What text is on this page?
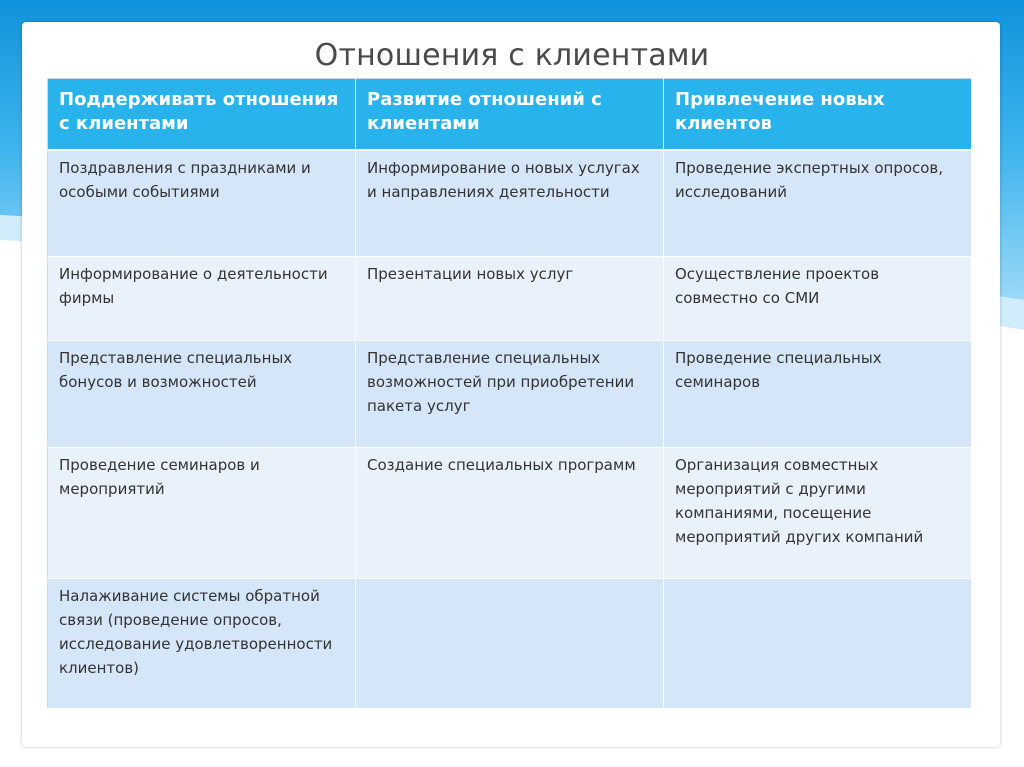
Отношения с клиентами
Поддерживать отношения с клиентами	Развитие отношений с клиентами	Привлечение новых клиентов
Поздравления с праздниками и особыми событиями	Информирование о новых услугах и направлениях деятельности	Проведение экспертных опросов, исследований
Информирование о деятельности фирмы	Презентации новых услуг	Осуществление проектов совместно со СМИ
Представление специальных бонусов и возможностей	Представление специальных возможностей при приобретении пакета услуг	Проведение специальных семинаров
Проведение семинаров и мероприятий	Создание специальных программ	Организация совместных мероприятий с другими компаниями, посещение мероприятий других компаний
Налаживание системы обратной связи (проведение опросов, исследование удовлетворенности клиентов)		
